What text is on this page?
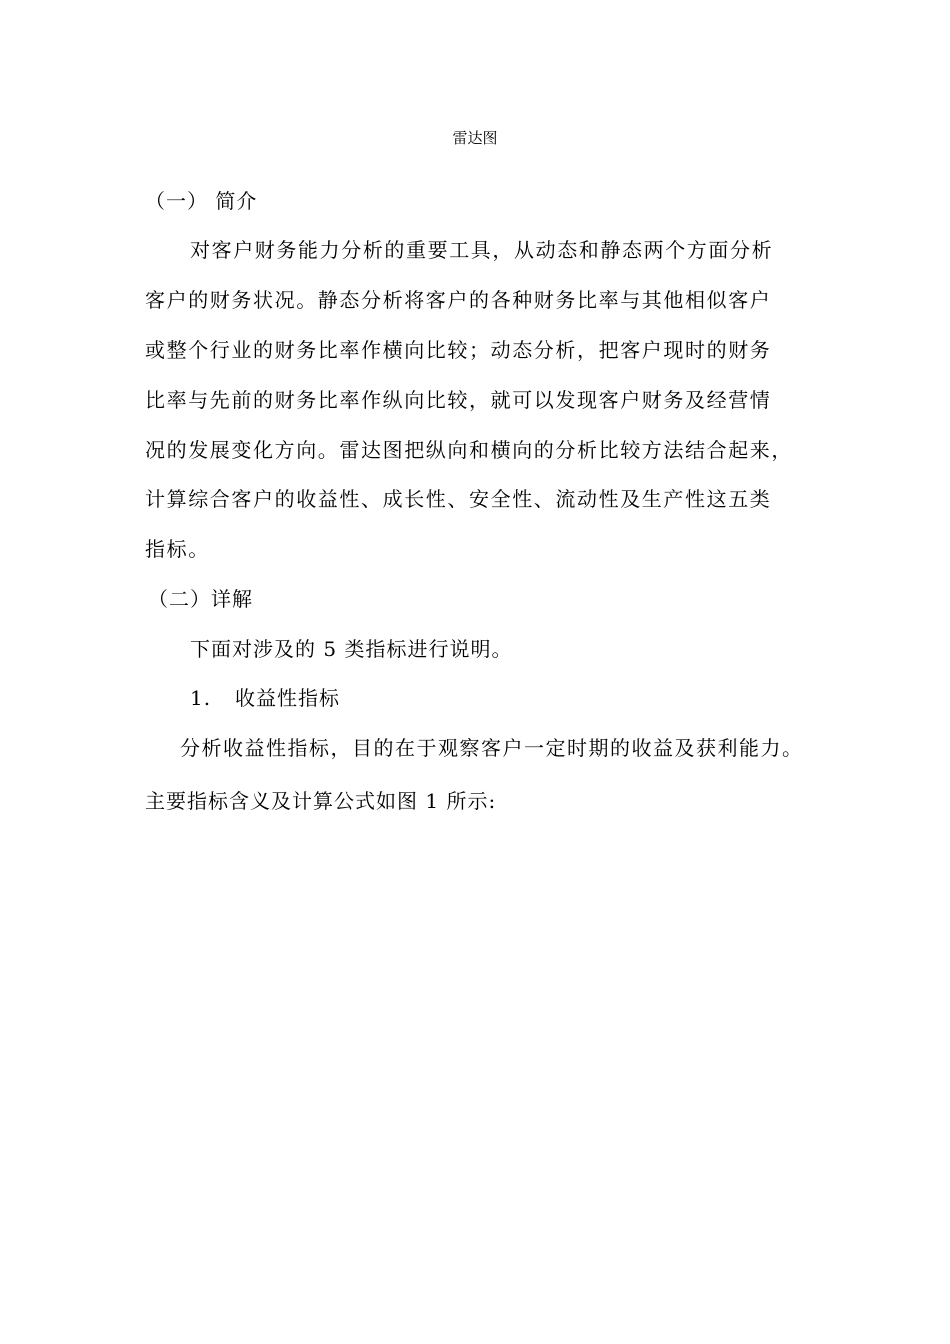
雷达图
（一） 简介
对客户财务能力分析的重要工具，从动态和静态两个方面分析
客户的财务状况。静态分析将客户的各种财务比率与其他相似客户
或整个行业的财务比率作横向比较；动态分析，把客户现时的财务
比率与先前的财务比率作纵向比较，就可以发现客户财务及经营情
况的发展变化方向。雷达图把纵向和横向的分析比较方法结合起来，
计算综合客户的收益性、成长性、安全性、流动性及生产性这五类
指标。
（二）详解
下面对涉及的 5 类指标进行说明。
1. 收益性指标
分析收益性指标，目的在于观察客户一定时期的收益及获利能力。
主要指标含义及计算公式如图 1 所示:
